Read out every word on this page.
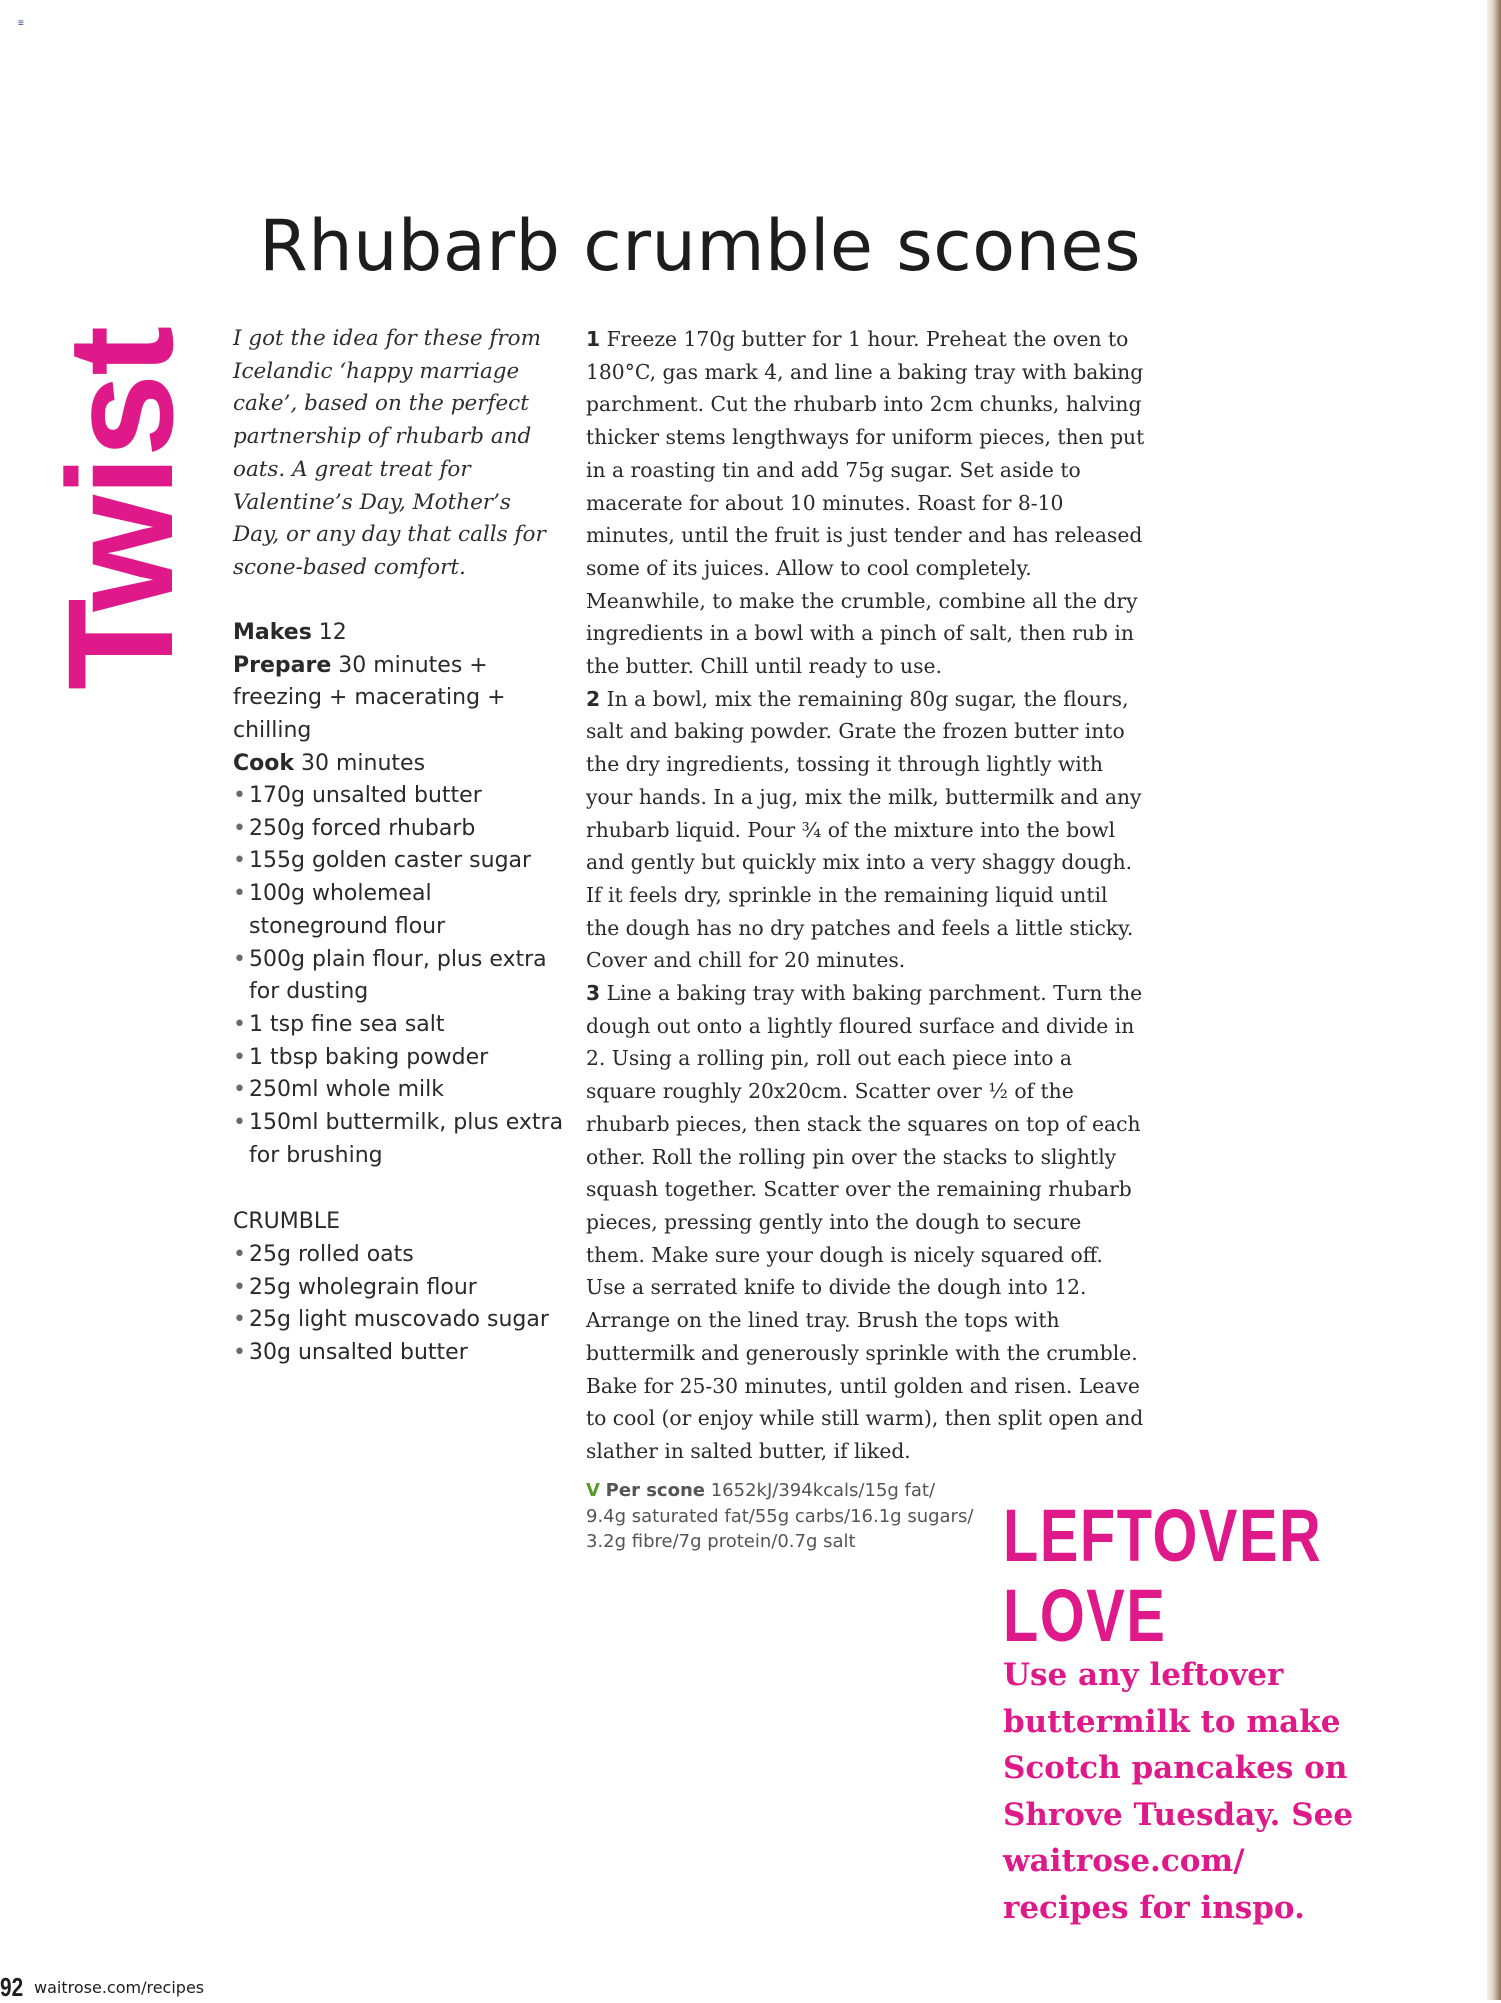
≡
Rhubarb crumble scones
Twist I got the idea for these from Icelandic ‘happy marriage cake’, based on the perfect partnership of rhubarb and oats. A great treat for Valentine’s Day, Mother’s Day, or any day that calls for scone-based comfort.
Makes 12
Prepare 30 minutes + freezing + macerating + chilling
Cook 30 minutes
• 170g unsalted butter
• 250g forced rhubarb
• 155g golden caster sugar
• 100g wholemeal stoneground flour
• 500g plain flour, plus extra for dusting
• 1 tsp fine sea salt
• 1 tbsp baking powder
• 250ml whole milk
• 150ml buttermilk, plus extra for brushing
CRUMBLE
• 25g rolled oats
• 25g wholegrain flour
• 25g light muscovado sugar
• 30g unsalted butter

1 Freeze 170g butter for 1 hour. Preheat the oven to 180°C, gas mark 4, and line a baking tray with baking parchment. Cut the rhubarb into 2cm chunks, halving thicker stems lengthways for uniform pieces, then put in a roasting tin and add 75g sugar. Set aside to macerate for about 10 minutes. Roast for 8-10 minutes, until the fruit is just tender and has released some of its juices. Allow to cool completely. Meanwhile, to make the crumble, combine all the dry ingredients in a bowl with a pinch of salt, then rub in the butter. Chill until ready to use.

2 In a bowl, mix the remaining 80g sugar, the flours, salt and baking powder. Grate the frozen butter into the dry ingredients, tossing it through lightly with your hands. In a jug, mix the milk, buttermilk and any rhubarb liquid. Pour ¾ of the mixture into the bowl and gently but quickly mix into a very shaggy dough. If it feels dry, sprinkle in the remaining liquid until the dough has no dry patches and feels a little sticky. Cover and chill for 20 minutes.

3 Line a baking tray with baking parchment. Turn the dough out onto a lightly floured surface and divide in 2. Using a rolling pin, roll out each piece into a square roughly 20x20cm. Scatter over ½ of the rhubarb pieces, then stack the squares on top of each other. Roll the rolling pin over the stacks to slightly squash together. Scatter over the remaining rhubarb pieces, pressing gently into the dough to secure them. Make sure your dough is nicely squared off. Use a serrated knife to divide the dough into 12. Arrange on the lined tray. Brush the tops with buttermilk and generously sprinkle with the crumble. Bake for 25-30 minutes, until golden and risen. Leave to cool (or enjoy while still warm), then split open and slather in salted butter, if liked.

V Per scone 1652kJ/394kcals/15g fat/
9.4g saturated fat/55g carbs/16.1g sugars/
3.2g fibre/7g protein/0.7g salt	LEFTOVER
LOVE
Use any leftover buttermilk to make Scotch pancakes on Shrove Tuesday. See waitrose.com/ recipes for inspo.
92 waitrose.com/recipes
